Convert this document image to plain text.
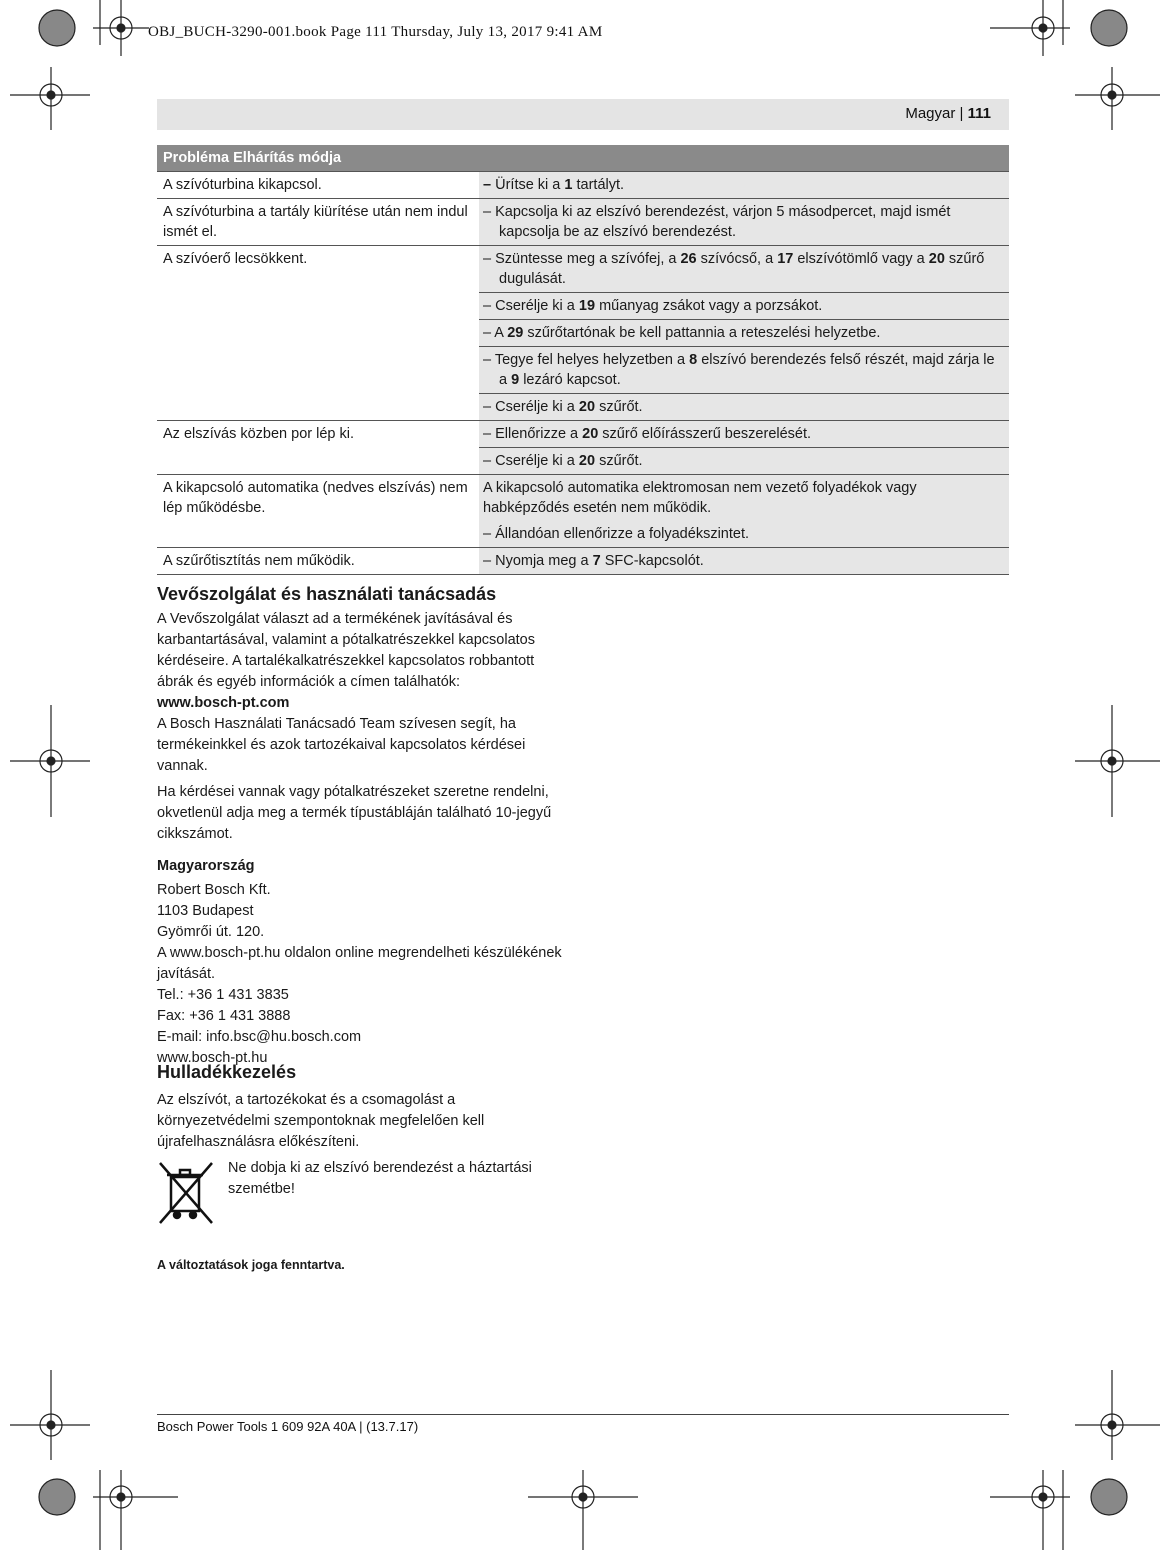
OBJ_BUCH-3290-001.book Page 111 Thursday, July 13, 2017 9:41 AM
Magyar | 111
Probléma Elhárítás módja	
A szívóturbina kikapcsol.	– Ürítse ki a 1 tartályt.
A szívóturbina a tartály kiürítése után nem indul ismét el.	– Kapcsolja ki az elszívó berendezést, várjon 5 másodpercet, majd ismét kapcsolja be az elszívó berendezést.
A szívóerő lecsökkent.	– Szüntesse meg a szívófej, a 26 szívócső, a 17 elszívótömlő vagy a 20 szűrő dugulását.
	– Cserélje ki a 19 műanyag zsákot vagy a porzsákot.
	– A 29 szűrőtartónak be kell pattannia a reteszelési helyzetbe.
	– Tegye fel helyes helyzetben a 8 elszívó berendezés felső részét, majd zárja le a 9 lezáró kapcsot.
	– Cserélje ki a 20 szűrőt.
Az elszívás közben por lép ki.	– Ellenőrizze a 20 szűrő előírásszerű beszerelését.
	– Cserélje ki a 20 szűrőt.
A kikapcsoló automatika (nedves elszívás) nem lép működésbe.	A kikapcsoló automatika elektromosan nem vezető folyadékok vagy habképződés esetén nem működik.
	– Állandóan ellenőrizze a folyadékszintet.
A szűrőtisztítás nem működik.	– Nyomja meg a 7 SFC-kapcsolót.
Vevőszolgálat és használati tanácsadás

A Vevőszolgálat választ ad a termékének javításával és karbantartásával, valamint a pótalkatrészekkel kapcsolatos kérdéseire. A tartalékalkatrészekkel kapcsolatos robbantott ábrák és egyéb információk a címen találhatók:

www.bosch-pt.com

A Bosch Használati Tanácsadó Team szívesen segít, ha termékeinkkel és azok tartozékaival kapcsolatos kérdései vannak.

Ha kérdései vannak vagy pótalkatrészeket szeretne rendelni, okvetlenül adja meg a termék típustábláján található 10-jegyű cikkszámot.

Magyarország

Robert Bosch Kft.

1103 Budapest

Gyömrői út. 120.

A www.bosch-pt.hu oldalon online megrendelheti készülékének javítását.

Tel.: +36 1 431 3835

Fax: +36 1 431 3888

E-mail: info.bsc@hu.bosch.com

www.bosch-pt.hu

Hulladékkezelés

Az elszívót, a tartozékokat és a csomagolást a környezetvédelmi szempontoknak megfelelően kell újrafelhasználásra előkészíteni.

Ne dobja ki az elszívó berendezést a háztartási szemétbe!
A változtatások joga fenntartva.
Bosch Power Tools 1 609 92A 40A | (13.7.17)
